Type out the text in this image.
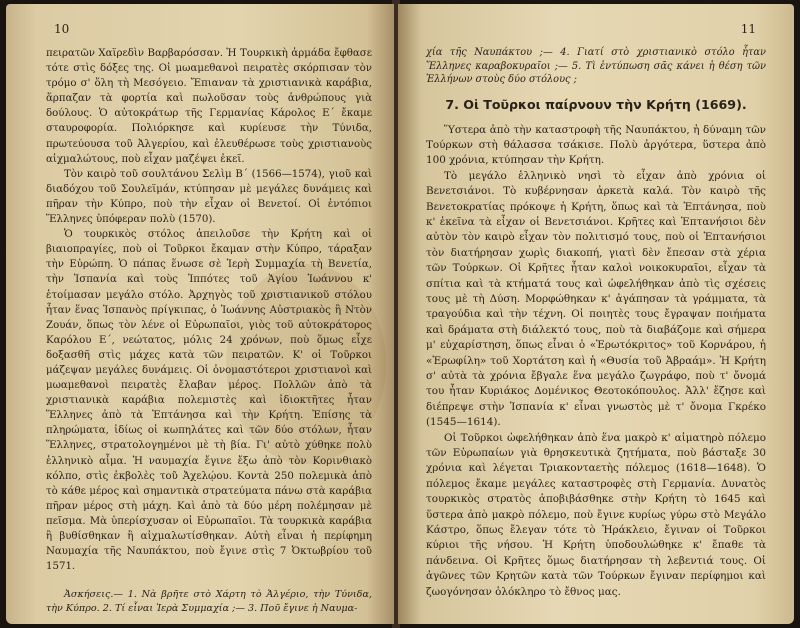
10

πειρατῶν Χαϊρεδὶν Βαρβαρόσσαν. Ἡ Τουρκικὴ ἀρμάδα ἔφθασε τότε στὶς δόξες της. Οἱ μωαμεθανοὶ πειρατὲς σκόρπισαν τὸν τρόμο σ' ὅλη τὴ Μεσόγειο. Ἔπιαναν τὰ χριστιανικὰ καράβια, ἅρπαζαν τὰ φορτία καὶ πωλοῦσαν τοὺς ἀνθρώπους γιὰ δούλους. Ὁ αὐτοκράτωρ τῆς Γερμανίας Κάρολος Ε΄ ἔκαμε σταυροφορία. Πολιόρκησε καὶ κυρίευσε τὴν Τύνιδα, πρωτεύουσα τοῦ Ἀλγερίου, καὶ ἐλευθέρωσε τοὺς χριστιανοὺς αἰχμαλώτους, ποὺ εἶχαν μαζέψει ἐκεῖ.

Τὸν καιρὸ τοῦ σουλτάνου Σελὶμ Β΄ (1566—1574), γιοῦ καὶ διαδόχου τοῦ Σουλεϊμάν, κτύπησαν μὲ μεγάλες δυνάμεις καὶ πῆραν τὴν Κύπρο, ποὺ τὴν εἶχαν οἱ Βενετοί. Οἱ ἐντόπιοι Ἕλληνες ὑπόφεραν πολὺ (1570).

Ὁ τουρκικὸς στόλος ἀπειλοῦσε τὴν Κρήτη καὶ οἱ βιαιοπραγίες, ποὺ οἱ Τοῦρκοι ἔκαμαν στὴν Κύπρο, τάραξαν τὴν Εὐρώπη. Ὁ πάπας ἕνωσε σὲ Ἱερὴ Συμμαχία τὴ Βενετία, τὴν Ἱσπανία καὶ τοὺς Ἱππότες τοῦ Ἁγίου Ἰωάννου κ' ἑτοίμασαν μεγάλο στόλο. Ἀρχηγὸς τοῦ χριστιανικοῦ στόλου ἦταν ἕνας Ἱσπανὸς πρίγκιπας, ὁ Ἰωάννης Αὐστριακὸς ἢ Ντὸν Ζουάν, ὅπως τὸν λένε οἱ Εὐρωπαῖοι, γιὸς τοῦ αὐτοκράτορος Καρόλου Ε΄, νεώτατος, μόλις 24 χρόνων, ποὺ ὅμως εἶχε δοξασθῆ στὶς μάχες κατὰ τῶν πειρατῶν. Κ' οἱ Τοῦρκοι μάζεψαν μεγάλες δυνάμεις. Οἱ ὀνομαστότεροι χριστιανοὶ καὶ μωαμεθανοὶ πειρατὲς ἔλαβαν μέρος. Πολλῶν ἀπὸ τὰ χριστιανικὰ καράβια πολεμιστὲς καὶ ἰδιοκτῆτες ἦταν Ἕλληνες ἀπὸ τὰ Ἑπτάνησα καὶ τὴν Κρήτη. Ἐπίσης τὰ πληρώματα, ἰδίως οἱ κωπηλάτες καὶ τῶν δύο στόλων, ἦταν Ἕλληνες, στρατολογημένοι μὲ τὴ βία. Γι' αὐτὸ χύθηκε πολὺ ἑλληνικὸ αἷμα. Ἡ ναυμαχία ἔγινε ἔξω ἀπὸ τὸν Κορινθιακὸ κόλπο, στὶς ἐκβολὲς τοῦ Ἀχελῴου. Κοντὰ 250 πολεμικὰ ἀπὸ τὸ κάθε μέρος καὶ σημαντικὰ στρατεύματα πάνω στὰ καράβια πῆραν μέρος στὴ μάχη. Καὶ ἀπὸ τὰ δύο μέρη πολέμησαν μὲ πεῖσμα. Μὰ ὑπερίσχυσαν οἱ Εὐρωπαῖοι. Τὰ τουρκικὰ καράβια ἢ βυθίσθηκαν ἢ αἰχμαλωτίσθηκαν. Αὐτὴ εἶναι ἡ περίφημη Ναυμαχία τῆς Ναυπάκτου, ποὺ ἔγινε στὶς 7 Ὀκτωβρίου τοῦ 1571.

Ἀσκήσεις.— 1. Νὰ βρῆτε στὸ Χάρτη τὸ Ἀλγέριο, τὴν Τύνιδα, τὴν Κύπρο. 2. Τί εἶναι Ἱερὰ Συμμαχία ;— 3. Ποῦ ἔγινε ἡ Ναυμα-

11

χία τῆς Ναυπάκτου ;— 4. Γιατί στὸ χριστιανικὸ στόλο ἦταν Ἕλληνες καραβοκυραῖοι ;— 5. Τὶ ἐντύπωση σᾶς κάνει ἡ θέση τῶν Ἑλλήνων στοὺς δύο στόλους ;

7. Οἱ Τοῦρκοι παίρνουν τὴν Κρήτη (1669).

Ὕστερα ἀπὸ τὴν καταστροφὴ τῆς Ναυπάκτου, ἡ δύναμη τῶν Τούρκων στὴ θάλασσα τσάκισε. Πολὺ ἀργότερα, ὕστερα ἀπὸ 100 χρόνια, κτύπησαν τὴν Κρήτη.

Τὸ μεγάλο ἑλληνικὸ νησὶ τὸ εἶχαν ἀπὸ χρόνια οἱ Βενετσιάνοι. Τὸ κυβέρνησαν ἀρκετὰ καλά. Τὸν καιρὸ τῆς Βενετοκρατίας πρόκοψε ἡ Κρήτη, ὅπως καὶ τὰ Ἑπτάνησα, ποὺ κ' ἐκεῖνα τὰ εἶχαν οἱ Βενετσιάνοι. Κρῆτες καὶ Ἑπτανήσιοι δὲν αὐτὸν τὸν καιρὸ εἶχαν τὸν πολιτισμό τους, ποὺ οἱ Ἑπτανήσιοι τὸν διατήρησαν χωρὶς διακοπή, γιατὶ δὲν ἔπεσαν στὰ χέρια τῶν Τούρκων. Οἱ Κρῆτες ἦταν καλοὶ νοικοκυραῖοι, εἶχαν τὰ σπίτια καὶ τὰ κτήματά τους καὶ ὠφελήθηκαν ἀπὸ τὶς σχέσεις τους μὲ τὴ Δύση. Μορφώθηκαν κ' ἀγάπησαν τὰ γράμματα, τὰ τραγούδια καὶ τὴν τέχνη. Οἱ ποιητὲς τους ἔγραψαν ποιήματα καὶ δράματα στὴ διάλεκτό τους, ποὺ τὰ διαβάζομε καὶ σήμερα μ' εὐχαρίστηση, ὅπως εἶναι ὁ «Ἐρωτόκριτος» τοῦ Κορνάρου, ἡ «Ἐρωφίλη» τοῦ Χορτάτση καὶ ἡ «Θυσία τοῦ Ἀβραάμ». Ἡ Κρήτη σ' αὐτὰ τὰ χρόνια ἔβγαλε ἕνα μεγάλο ζωγράφο, ποὺ τ' ὄνομά του ἦταν Κυριάκος Δομένικος Θεοτοκόπουλος. Ἀλλ' ἔζησε καὶ διέπρεψε στὴν Ἱσπανία κ' εἶναι γνωστὸς μὲ τ' ὄνομα Γκρέκο (1545—1614).

Οἱ Τοῦρκοι ὠφελήθηκαν ἀπὸ ἕνα μακρὸ κ' αἱματηρὸ πόλεμο τῶν Εὐρωπαίων γιὰ θρησκευτικὰ ζητήματα, ποὺ βάσταξε 30 χρόνια καὶ λέγεται Τριακονταετὴς πόλεμος (1618—1648). Ὁ πόλεμος ἔκαμε μεγάλες καταστροφὲς στὴ Γερμανία. Δυνατὸς τουρκικὸς στρατὸς ἀποβιβάσθηκε στὴν Κρήτη τὸ 1645 καὶ ὕστερα ἀπὸ μακρὸ πόλεμο, ποὺ ἔγινε κυρίως γύρω στὸ Μεγάλο Κάστρο, ὅπως ἔλεγαν τότε τὸ Ἡράκλειο, ἔγιναν οἱ Τοῦρκοι κύριοι τῆς νήσου. Ἡ Κρήτη ὑποδουλώθηκε κ' ἔπαθε τὰ πάνδεινα. Οἱ Κρῆτες ὅμως διατήρησαν τὴ λεβεντιά τους. Οἱ ἀγῶνες τῶν Κρητῶν κατὰ τῶν Τούρκων ἔγιναν περίφημοι καὶ ζωογόνησαν ὁλόκληρο τὸ ἔθνος μας.
